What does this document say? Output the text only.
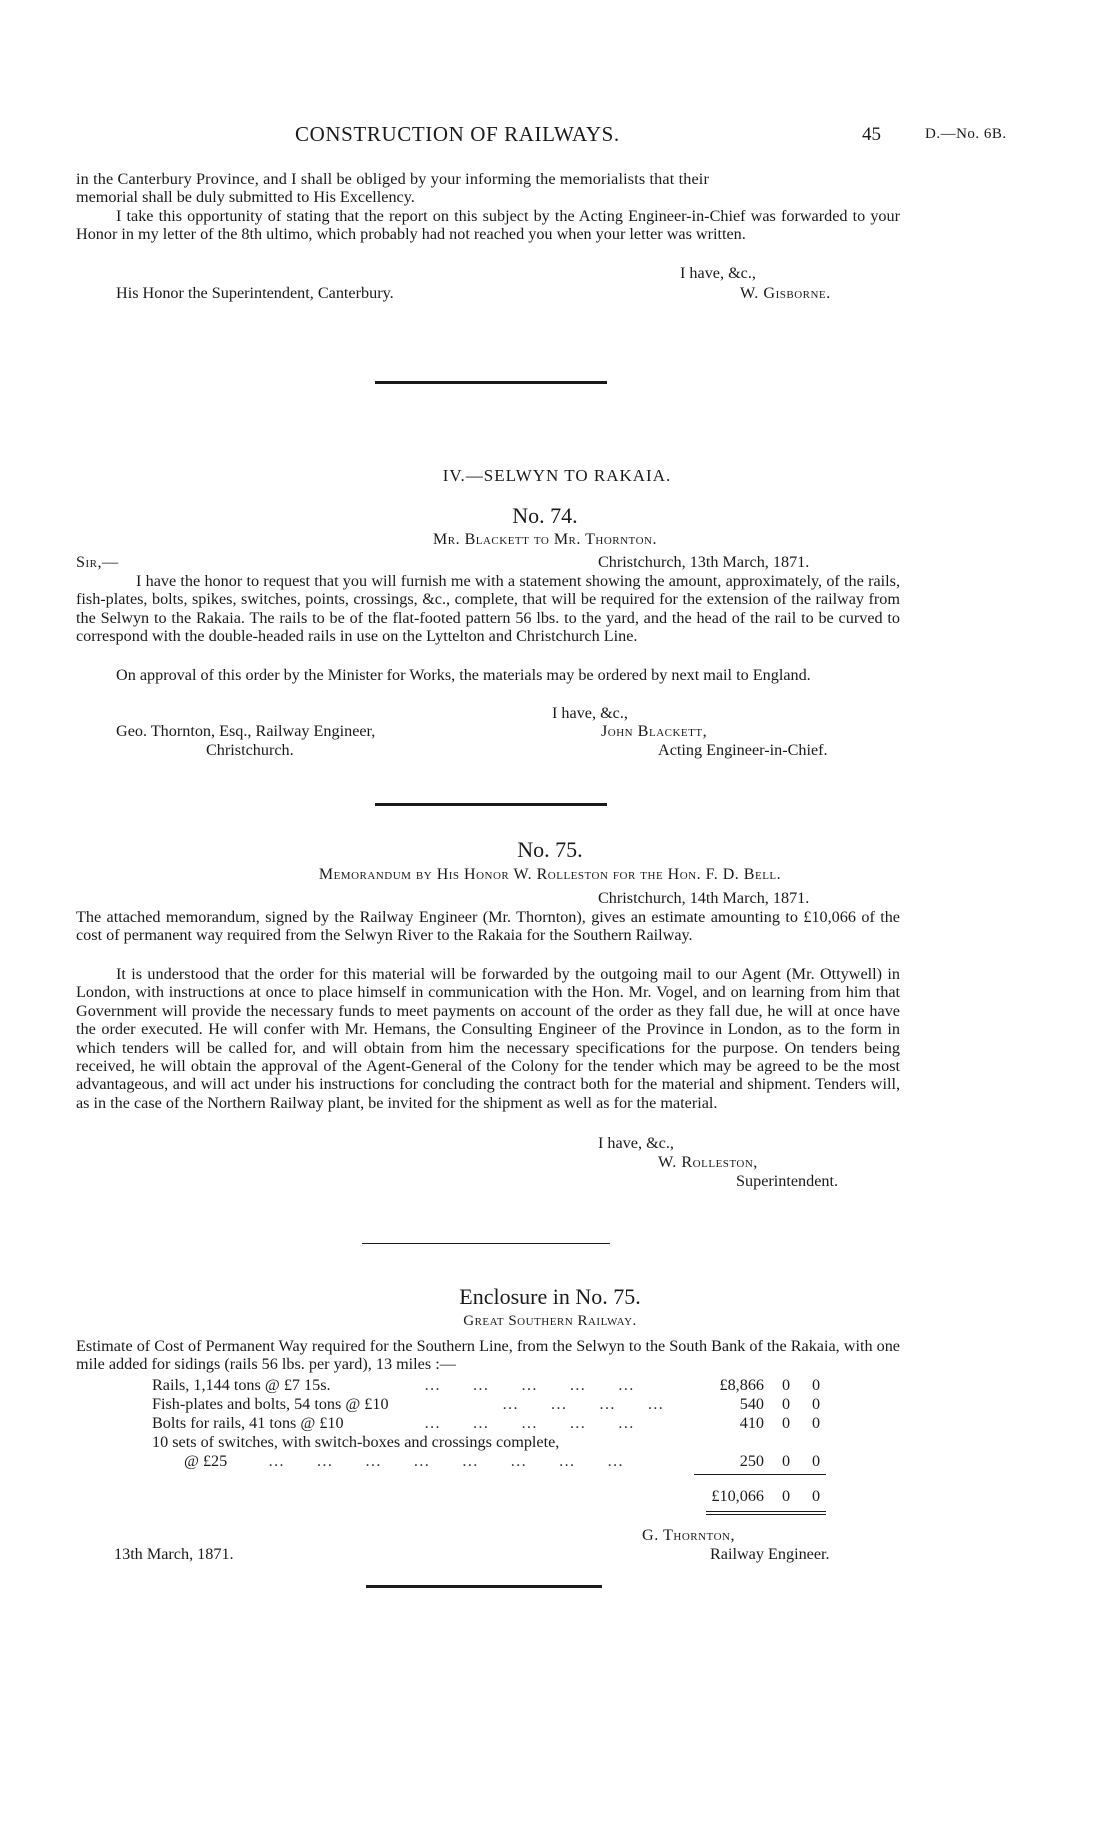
CONSTRUCTION OF RAILWAYS.	45	D.—No. 6B.
in the Canterbury Province, and I shall be obliged by your informing the memorialists that their
memorial shall be duly submitted to His Excellency.
I take this opportunity of stating that the report on this subject by the Acting Engineer-in-Chief was forwarded to your Honor in my letter of the 8th ultimo, which probably had not reached you when your letter was written.
I have, &c.,
His Honor the Superintendent, Canterbury.	W. Gisborne.
IV.—SELWYN TO RAKAIA.
No. 74.
Mr. Blackett to Mr. Thornton.
Sir,—	Christchurch, 13th March, 1871.
I have the honor to request that you will furnish me with a statement showing the amount, approximately, of the rails, fish-plates, bolts, spikes, switches, points, crossings, &c., complete, that will be required for the extension of the railway from the Selwyn to the Rakaia. The rails to be of the flat-footed pattern 56 lbs. to the yard, and the head of the rail to be curved to correspond with the double-headed rails in use on the Lyttelton and Christchurch Line.
On approval of this order by the Minister for Works, the materials may be ordered by next mail to England.
I have, &c.,
Geo. Thornton, Esq., Railway Engineer,
Christchurch.
John Blackett,
Acting Engineer-in-Chief.
No. 75.
Memorandum by His Honor W. Rolleston for the Hon. F. D. Bell.
Christchurch, 14th March, 1871.
The attached memorandum, signed by the Railway Engineer (Mr. Thornton), gives an estimate amounting to £10,066 of the cost of permanent way required from the Selwyn River to the Rakaia for the Southern Railway.
It is understood that the order for this material will be forwarded by the outgoing mail to our Agent (Mr. Ottywell) in London, with instructions at once to place himself in communication with the Hon. Mr. Vogel, and on learning from him that Government will provide the necessary funds to meet payments on account of the order as they fall due, he will at once have the order executed. He will confer with Mr. Hemans, the Consulting Engineer of the Province in London, as to the form in which tenders will be called for, and will obtain from him the necessary specifications for the purpose. On tenders being received, he will obtain the approval of the Agent-General of the Colony for the tender which may be agreed to be the most advantageous, and will act under his instructions for concluding the contract both for the material and shipment. Tenders will, as in the case of the Northern Railway plant, be invited for the shipment as well as for the material.
I have, &c.,
W. Rolleston,
Superintendent.
Enclosure in No. 75.
Great Southern Railway.
Estimate of Cost of Permanent Way required for the Southern Line, from the Selwyn to the South Bank of the Rakaia, with one mile added for sidings (rails 56 lbs. per yard), 13 miles :—
Rails, 1,144 tons @ £7 15s.	…     …     …     …     …	£8,866 0 0
Fish-plates and bolts, 54 tons @ £10	…     …     …     …	540 0 0
Bolts for rails, 41 tons @ £10	…     …     …     …     …	410 0 0
10 sets of switches, with switch-boxes and crossings complete,
@ £25	…     …     …     …     …     …     …     …	250 0 0
£10,066 0 0
G. Thornton,
13th March, 1871.	Railway Engineer.
